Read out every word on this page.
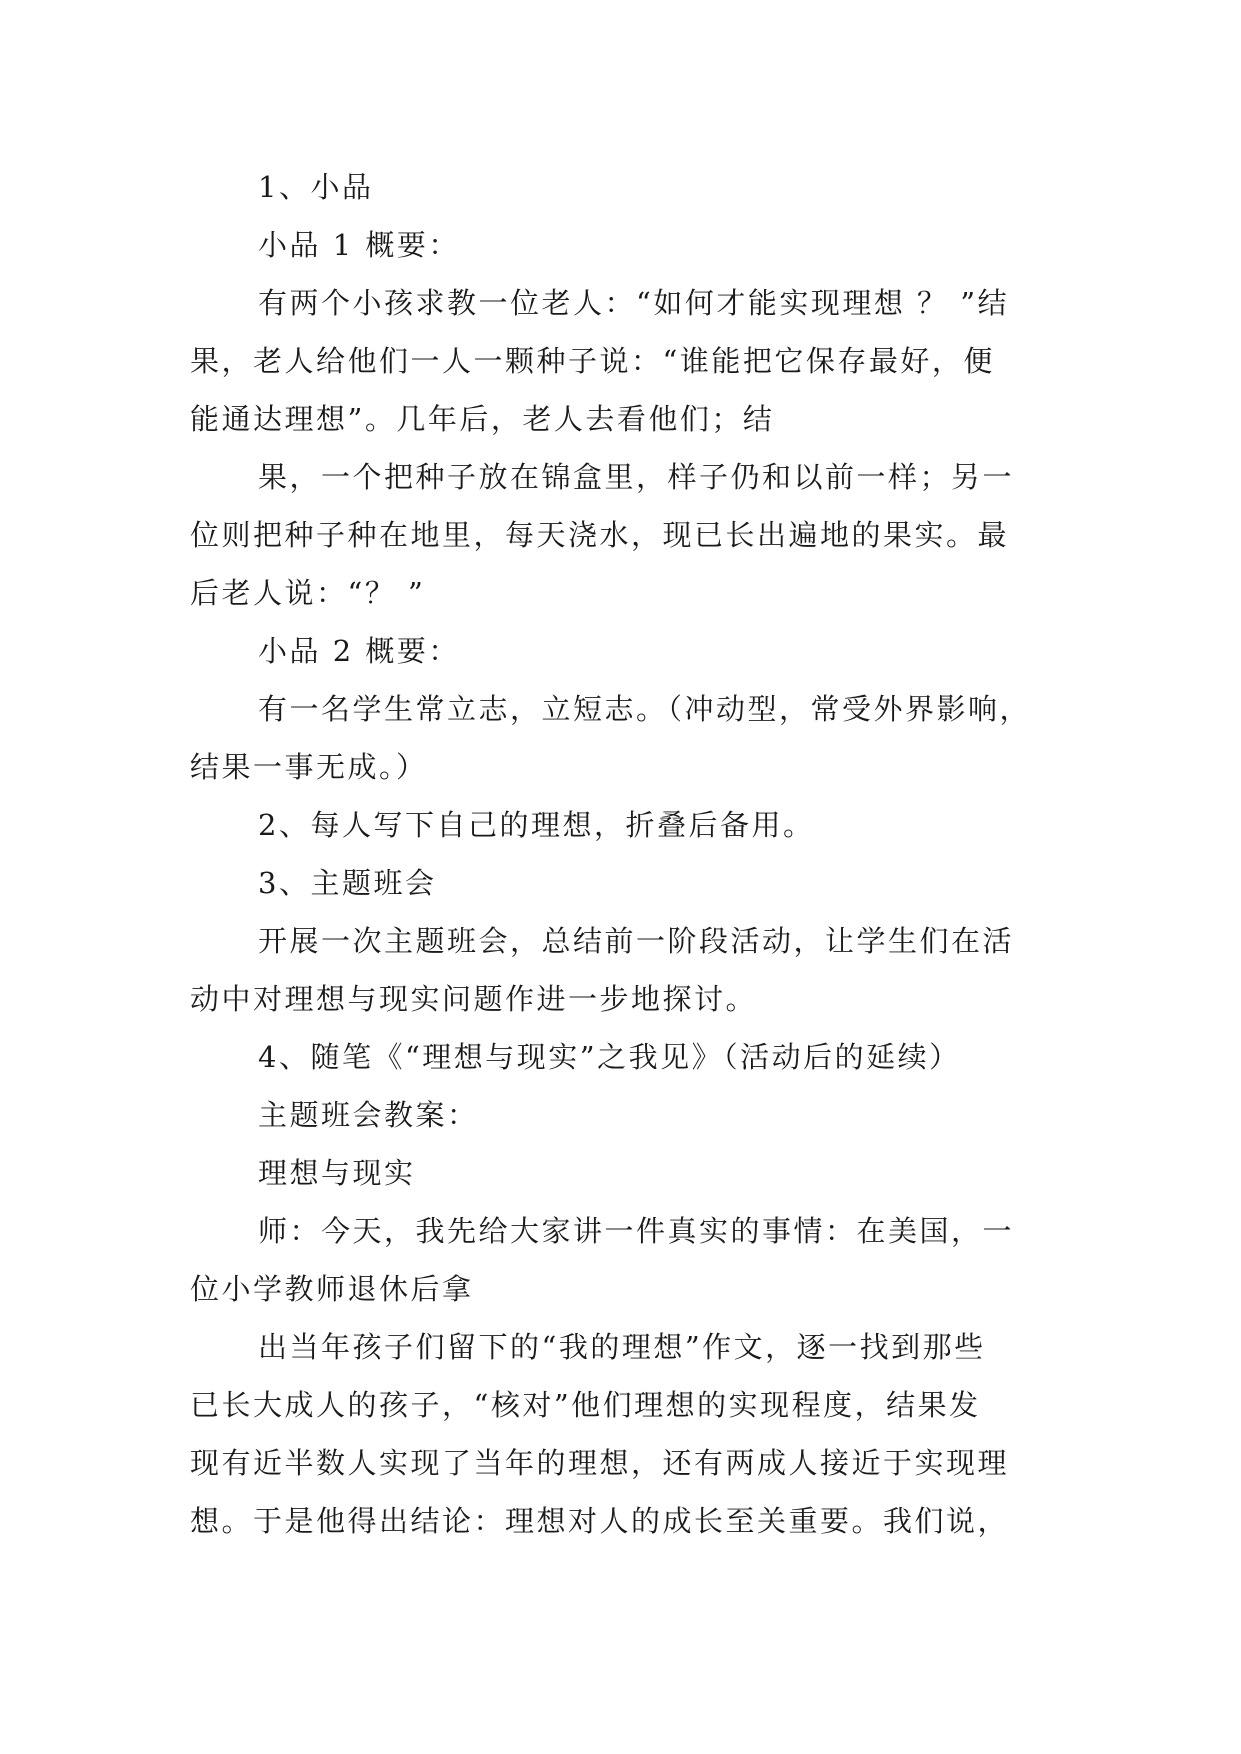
1、小品
小品 1 概要：
有两个小孩求教一位老人：“如何才能实现理想 ？ ”结
果，老人给他们一人一颗种子说：“谁能把它保存最好，便
能通达理想”。几年后，老人去看他们；结
果，一个把种子放在锦盒里，样子仍和以前一样；另一
位则把种子种在地里，每天浇水，现已长出遍地的果实。最
后老人说：“？ ”
小品 2 概要：
有一名学生常立志，立短志。（冲动型，常受外界影响，
结果一事无成。）
2、每人写下自己的理想，折叠后备用。
3、主题班会
开展一次主题班会，总结前一阶段活动，让学生们在活
动中对理想与现实问题作进一步地探讨。
4、随笔《“理想与现实”之我见》（活动后的延续）
主题班会教案：
理想与现实
师：今天，我先给大家讲一件真实的事情：在美国，一
位小学教师退休后拿
出当年孩子们留下的“我的理想”作文，逐一找到那些
已长大成人的孩子，“核对”他们理想的实现程度，结果发
现有近半数人实现了当年的理想，还有两成人接近于实现理
想。于是他得出结论：理想对人的成长至关重要。我们说，
